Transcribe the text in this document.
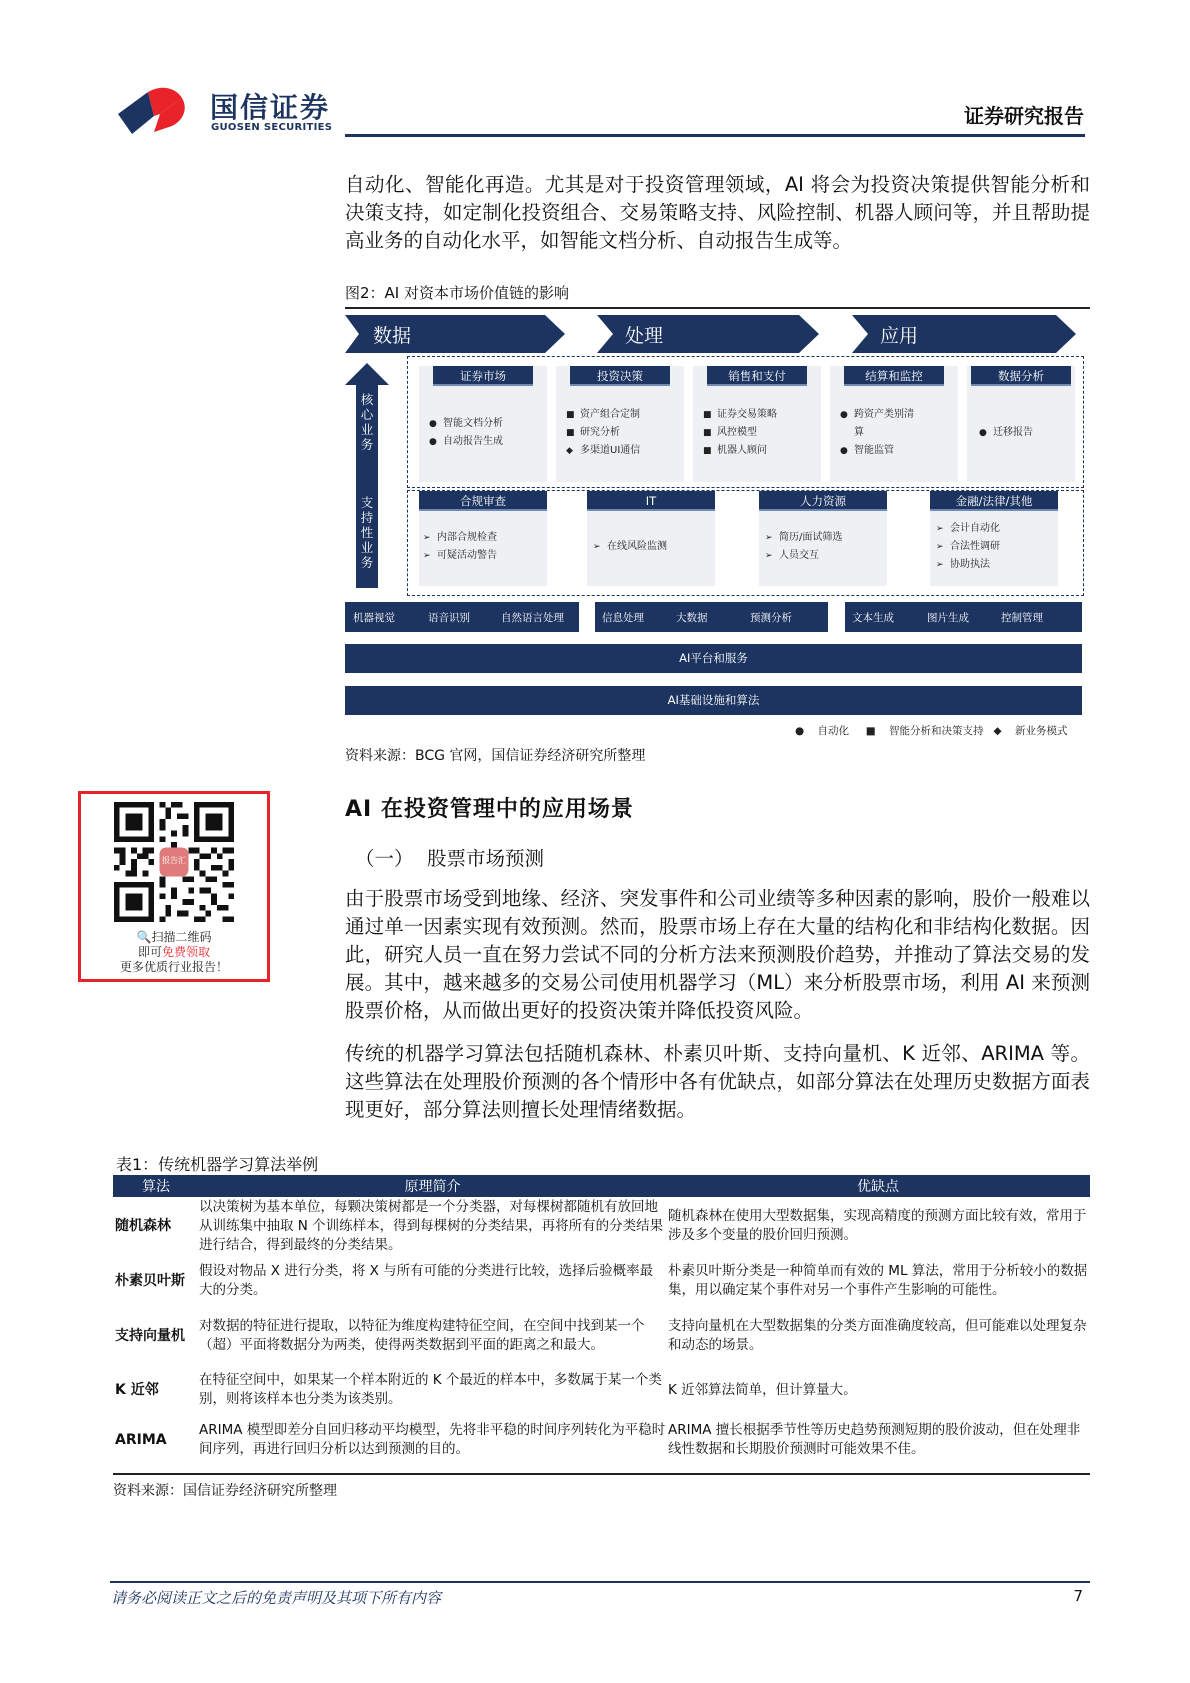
国信证券
GUOSEN SECURITIES	证券研究报告
自动化、智能化再造。尤其是对于投资管理领域，AI 将会为投资决策提供智能分析和决策支持，如定制化投资组合、交易策略支持、风险控制、机器人顾问等，并且帮助提高业务的自动化水平，如智能文档分析、自动报告生成等。
图2：AI 对资本市场价值链的影响
数据	处理	应用
核心业务
支持性业务
证券市场
● 智能文档分析
● 自动报告生成
投资决策
■ 资产组合定制
■ 研究分析
◆ 多渠道UI通信
销售和支付
■ 证券交易策略
■ 风控模型
■ 机器人顾问
结算和监控
● 跨资产类别清
算
● 智能监管
数据分析
● 迁移报告
合规审查
➢ 内部合规检查
➢ 可疑活动警告
IT
➢ 在线风险监测
人力资源
➢ 简历/面试筛选
➢ 人员交互
金融/法律/其他
➢ 会计自动化
➢ 合法性调研
➢ 协助执法
机器视觉	语音识别	自然语言处理	信息处理	大数据	预测分析	文本生成	图片生成	控制管理
AI平台和服务
AI基础设施和算法
● 自动化 ■ 智能分析和决策支持 ◆ 新业务模式
资料来源：BCG 官网，国信证券经济研究所整理
报告汇
🔍扫描二维码
即可免费领取
更多优质行业报告！
AI 在投资管理中的应用场景
（一） 股票市场预测
由于股票市场受到地缘、经济、突发事件和公司业绩等多种因素的影响，股价一般难以通过单一因素实现有效预测。然而，股票市场上存在大量的结构化和非结构化数据。因此，研究人员一直在努力尝试不同的分析方法来预测股价趋势，并推动了算法交易的发展。其中，越来越多的交易公司使用机器学习（ML）来分析股票市场，利用 AI 来预测股票价格，从而做出更好的投资决策并降低投资风险。
传统的机器学习算法包括随机森林、朴素贝叶斯、支持向量机、K 近邻、ARIMA 等。这些算法在处理股价预测的各个情形中各有优缺点，如部分算法在处理历史数据方面表现更好，部分算法则擅长处理情绪数据。
表1：传统机器学习算法举例
算法	原理简介	优缺点
随机森林	以决策树为基本单位，每颗决策树都是一个分类器，对每棵树都随机有放回地从训练集中抽取 N 个训练样本，得到每棵树的分类结果，再将所有的分类结果进行结合，得到最终的分类结果。	随机森林在使用大型数据集，实现高精度的预测方面比较有效，常用于涉及多个变量的股价回归预测。
朴素贝叶斯	假设对物品 X 进行分类，将 X 与所有可能的分类进行比较，选择后验概率最大的分类。	朴素贝叶斯分类是一种简单而有效的 ML 算法，常用于分析较小的数据集，用以确定某个事件对另一个事件产生影响的可能性。
支持向量机	对数据的特征进行提取，以特征为维度构建特征空间，在空间中找到某一个（超）平面将数据分为两类，使得两类数据到平面的距离之和最大。	支持向量机在大型数据集的分类方面准确度较高，但可能难以处理复杂和动态的场景。
K 近邻	在特征空间中，如果某一个样本附近的 K 个最近的样本中，多数属于某一个类别，则将该样本也分类为该类别。	K 近邻算法简单，但计算量大。
ARIMA	ARIMA 模型即差分自回归移动平均模型，先将非平稳的时间序列转化为平稳时间序列，再进行回归分析以达到预测的目的。	ARIMA 擅长根据季节性等历史趋势预测短期的股价波动，但在处理非线性数据和长期股价预测时可能效果不佳。
资料来源：国信证券经济研究所整理
请务必阅读正文之后的免责声明及其项下所有内容	7
